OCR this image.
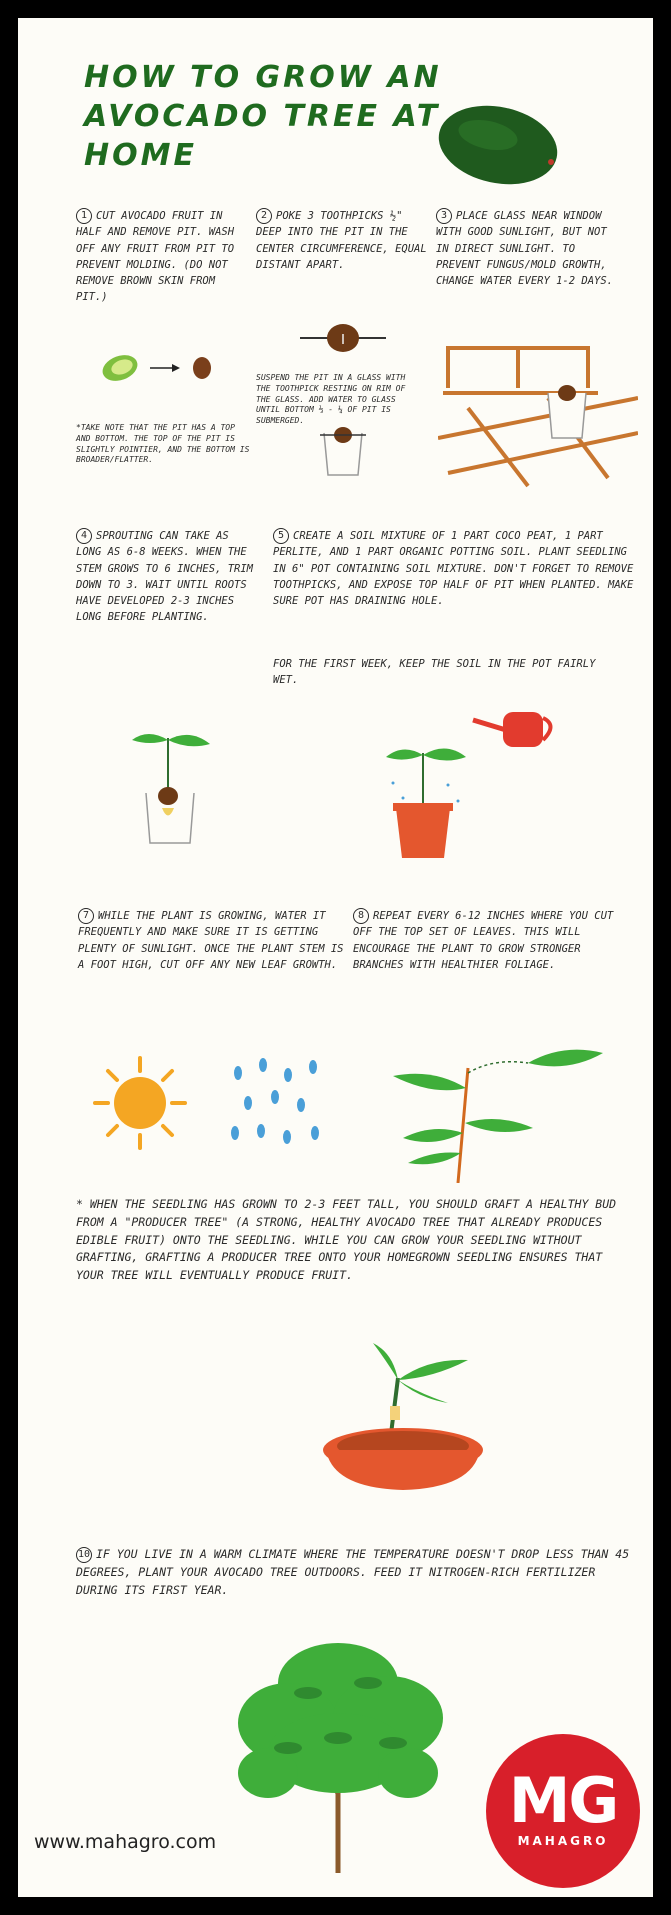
HOW TO GROW AN AVOCADO TREE AT HOME
1 CUT AVOCADO FRUIT IN HALF AND REMOVE PIT. WASH OFF ANY FRUIT FROM PIT TO PREVENT MOLDING. (DO NOT REMOVE BROWN SKIN FROM PIT.)
*TAKE NOTE THAT THE PIT HAS A TOP AND BOTTOM. THE TOP OF THE PIT IS SLIGHTLY POINTIER, AND THE BOTTOM IS BROADER/FLATTER.
2 POKE 3 TOOTHPICKS ½" DEEP INTO THE PIT IN THE CENTER CIRCUMFERENCE, EQUAL DISTANT APART.
SUSPEND THE PIT IN A GLASS WITH THE TOOTHPICK RESTING ON RIM OF THE GLASS. ADD WATER TO GLASS UNTIL BOTTOM ⅓ - ¼ OF PIT IS SUBMERGED.
3 PLACE GLASS NEAR WINDOW WITH GOOD SUNLIGHT, BUT NOT IN DIRECT SUNLIGHT. TO PREVENT FUNGUS/MOLD GROWTH, CHANGE WATER EVERY 1-2 DAYS.
4 SPROUTING CAN TAKE AS LONG AS 6-8 WEEKS. WHEN THE STEM GROWS TO 6 INCHES, TRIM DOWN TO 3. WAIT UNTIL ROOTS HAVE DEVELOPED 2-3 INCHES LONG BEFORE PLANTING.
5 CREATE A SOIL MIXTURE OF 1 PART COCO PEAT, 1 PART PERLITE, AND 1 PART ORGANIC POTTING SOIL. PLANT SEEDLING IN 6" POT CONTAINING SOIL MIXTURE. DON'T FORGET TO REMOVE TOOTHPICKS, AND EXPOSE TOP HALF OF PIT WHEN PLANTED. MAKE SURE POT HAS DRAINING HOLE.
FOR THE FIRST WEEK, KEEP THE SOIL IN THE POT FAIRLY WET.
7 WHILE THE PLANT IS GROWING, WATER IT FREQUENTLY AND MAKE SURE IT IS GETTING PLENTY OF SUNLIGHT. ONCE THE PLANT STEM IS A FOOT HIGH, CUT OFF ANY NEW LEAF GROWTH.
8 REPEAT EVERY 6-12 INCHES WHERE YOU CUT OFF THE TOP SET OF LEAVES. THIS WILL ENCOURAGE THE PLANT TO GROW STRONGER BRANCHES WITH HEALTHIER FOLIAGE.
* WHEN THE SEEDLING HAS GROWN TO 2-3 FEET TALL, YOU SHOULD GRAFT A HEALTHY BUD FROM A "PRODUCER TREE" (A STRONG, HEALTHY AVOCADO TREE THAT ALREADY PRODUCES EDIBLE FRUIT) ONTO THE SEEDLING. WHILE YOU CAN GROW YOUR SEEDLING WITHOUT GRAFTING, GRAFTING A PRODUCER TREE ONTO YOUR HOMEGROWN SEEDLING ENSURES THAT YOUR TREE WILL EVENTUALLY PRODUCE FRUIT.
10 IF YOU LIVE IN A WARM CLIMATE WHERE THE TEMPERATURE DOESN'T DROP LESS THAN 45 DEGREES, PLANT YOUR AVOCADO TREE OUTDOORS. FEED IT NITROGEN-RICH FERTILIZER DURING ITS FIRST YEAR.
www.mahagro.com
MG
MAHAGRO
